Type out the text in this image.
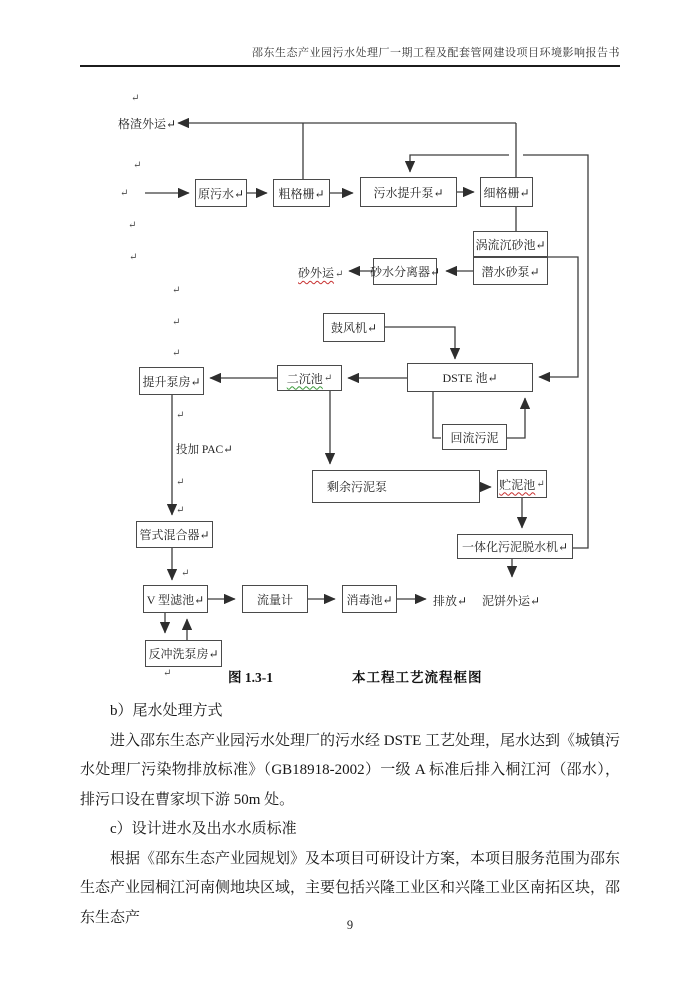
邵东生态产业园污水处理厂一期工程及配套管网建设项目环境影响报告书
原污水↵	粗格栅↵	污水提升泵↵	细格栅↵
涡流沉砂池↵
潜水砂泵↵
砂水分离器↵
鼓风机↵
DSTE 池↵
二沉池 ↵
提升泵房↵
回流污泥
剩余污泥泵	贮泥池 ↵
一体化污泥脱水机↵
管式混合器↵
V 型滤池↵	流量计	消毒池↵
反冲洗泵房↵
格渣外运↵
砂外运↵
投加 PAC↵
排放↵ 泥饼外运↵
↵
↵
↵
↵
↵
↵
↵
↵
↵
↵
↵
↵
↵	图 1.3-1	本工程工艺流程框图

b）尾水处理方式

进入邵东生态产业园污水处理厂的污水经 DSTE 工艺处理，尾水达到《城镇污水处理厂污染物排放标准》（GB18918-2002）一级 A 标准后排入桐江河（邵水），排污口设在曹家坝下游 50m 处。

c）设计进水及出水水质标准

根据《邵东生态产业园规划》及本项目可研设计方案，本项目服务范围为邵东生态产业园桐江河南侧地块区域，主要包括兴隆工业区和兴隆工业区南拓区块，邵东生态产	9
